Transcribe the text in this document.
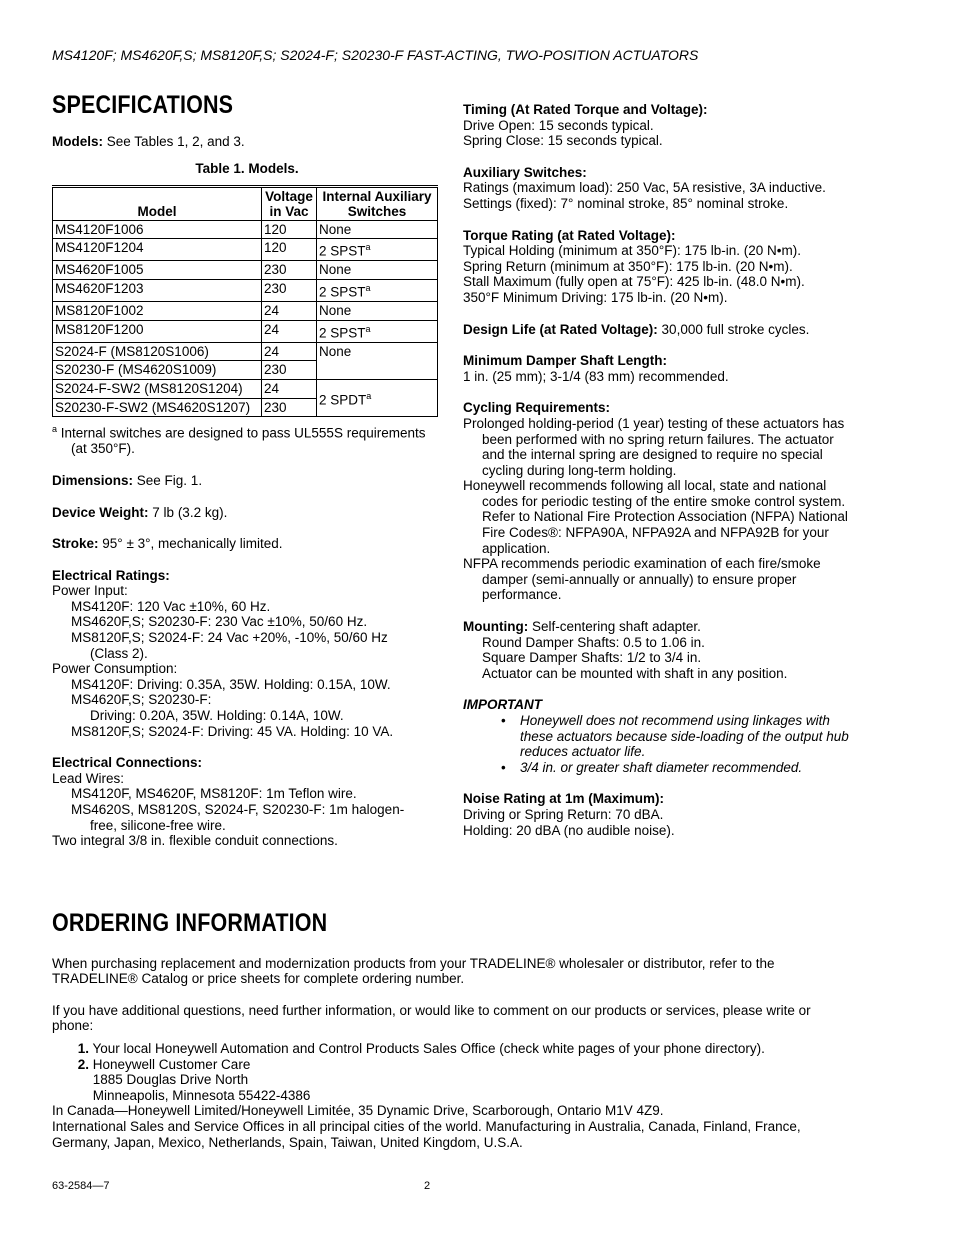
MS4120F; MS4620F,S; MS8120F,S; S2024-F; S20230-F FAST-ACTING, TWO-POSITION ACTUATORS
SPECIFICATIONS

Models: See Tables 1, 2, and 3.

Table 1. Models.

Model	Voltage in Vac	Internal Auxiliary Switches
MS4120F1006	120	None
MS4120F1204	120	2 SPST$^a$
MS4620F1005	230	None
MS4620F1203	230	2 SPST$^a$
MS8120F1002	24	None
MS8120F1200	24	2 SPST$^a$
S2024-F (MS8120S1006)	24	None
S20230-F (MS4620S1009)	230	
S2024-F-SW2 (MS8120S1204)	24	2 SPDT$^a$
S20230-F-SW2 (MS4620S1207)	230	

$^a$ Internal switches are designed to pass UL555S requirements (at 350°F).

Dimensions: See Fig. 1.

Device Weight: 7 lb (3.2 kg).

Stroke: 95° ± 3°, mechanically limited.

Electrical Ratings:

Power Input:

MS4120F: 120 Vac ±10%, 60 Hz.

MS4620F,S; S20230-F: 230 Vac ±10%, 50/60 Hz.

MS8120F,S; S2024-F: 24 Vac +20%, -10%, 50/60 Hz (Class 2).

Power Consumption:

MS4120F: Driving: 0.35A, 35W. Holding: 0.15A, 10W.

MS4620F,S; S20230-F:

Driving: 0.20A, 35W. Holding: 0.14A, 10W.

MS8120F,S; S2024-F: Driving: 45 VA. Holding: 10 VA.

Electrical Connections:

Lead Wires:

MS4120F, MS4620F, MS8120F: 1m Teflon wire.

MS4620S, MS8120S, S2024-F, S20230-F: 1m halogen-free, silicone-free wire.

Two integral 3/8 in. flexible conduit connections.

Timing (At Rated Torque and Voltage):

Drive Open: 15 seconds typical.

Spring Close: 15 seconds typical.

Auxiliary Switches:

Ratings (maximum load): 250 Vac, 5A resistive, 3A inductive.

Settings (fixed): 7° nominal stroke, 85° nominal stroke.

Torque Rating (at Rated Voltage):

Typical Holding (minimum at 350°F): 175 lb-in. (20 N•m).

Spring Return (minimum at 350°F): 175 lb-in. (20 N•m).

Stall Maximum (fully open at 75°F): 425 lb-in. (48.0 N•m).

350°F Minimum Driving: 175 lb-in. (20 N•m).

Design Life (at Rated Voltage): 30,000 full stroke cycles.

Minimum Damper Shaft Length:

1 in. (25 mm); 3-1/4 (83 mm) recommended.

Cycling Requirements:

Prolonged holding-period (1 year) testing of these actuators has been performed with no spring return failures. The actuator and the internal spring are designed to require no special cycling during long-term holding.

Honeywell recommends following all local, state and national codes for periodic testing of the entire smoke control system. Refer to National Fire Protection Association (NFPA) National Fire Codes®: NFPA90A, NFPA92A and NFPA92B for your application.

NFPA recommends periodic examination of each fire/smoke damper (semi-annually or annually) to ensure proper performance.

Mounting: Self-centering shaft adapter.

Round Damper Shafts: 0.5 to 1.06 in.

Square Damper Shafts: 1/2 to 3/4 in.

Actuator can be mounted with shaft in any position.

IMPORTANT

• Honeywell does not recommend using linkages with these actuators because side-loading of the output hub reduces actuator life.
• 3/4 in. or greater shaft diameter recommended.

Noise Rating at 1m (Maximum):

Driving or Spring Return: 70 dBA.

Holding: 20 dBA (no audible noise).

ORDERING INFORMATION

When purchasing replacement and modernization products from your TRADELINE® wholesaler or distributor, refer to the TRADELINE® Catalog or price sheets for complete ordering number.

If you have additional questions, need further information, or would like to comment on our products or services, please write or phone:

1. Your local Honeywell Automation and Control Products Sales Office (check white pages of your phone directory).

2. Honeywell Customer Care

1885 Douglas Drive North

Minneapolis, Minnesota 55422-4386

In Canada—Honeywell Limited/Honeywell Limitée, 35 Dynamic Drive, Scarborough, Ontario M1V 4Z9.

International Sales and Service Offices in all principal cities of the world. Manufacturing in Australia, Canada, Finland, France, Germany, Japan, Mexico, Netherlands, Spain, Taiwan, United Kingdom, U.S.A.

63-2584—7	2
